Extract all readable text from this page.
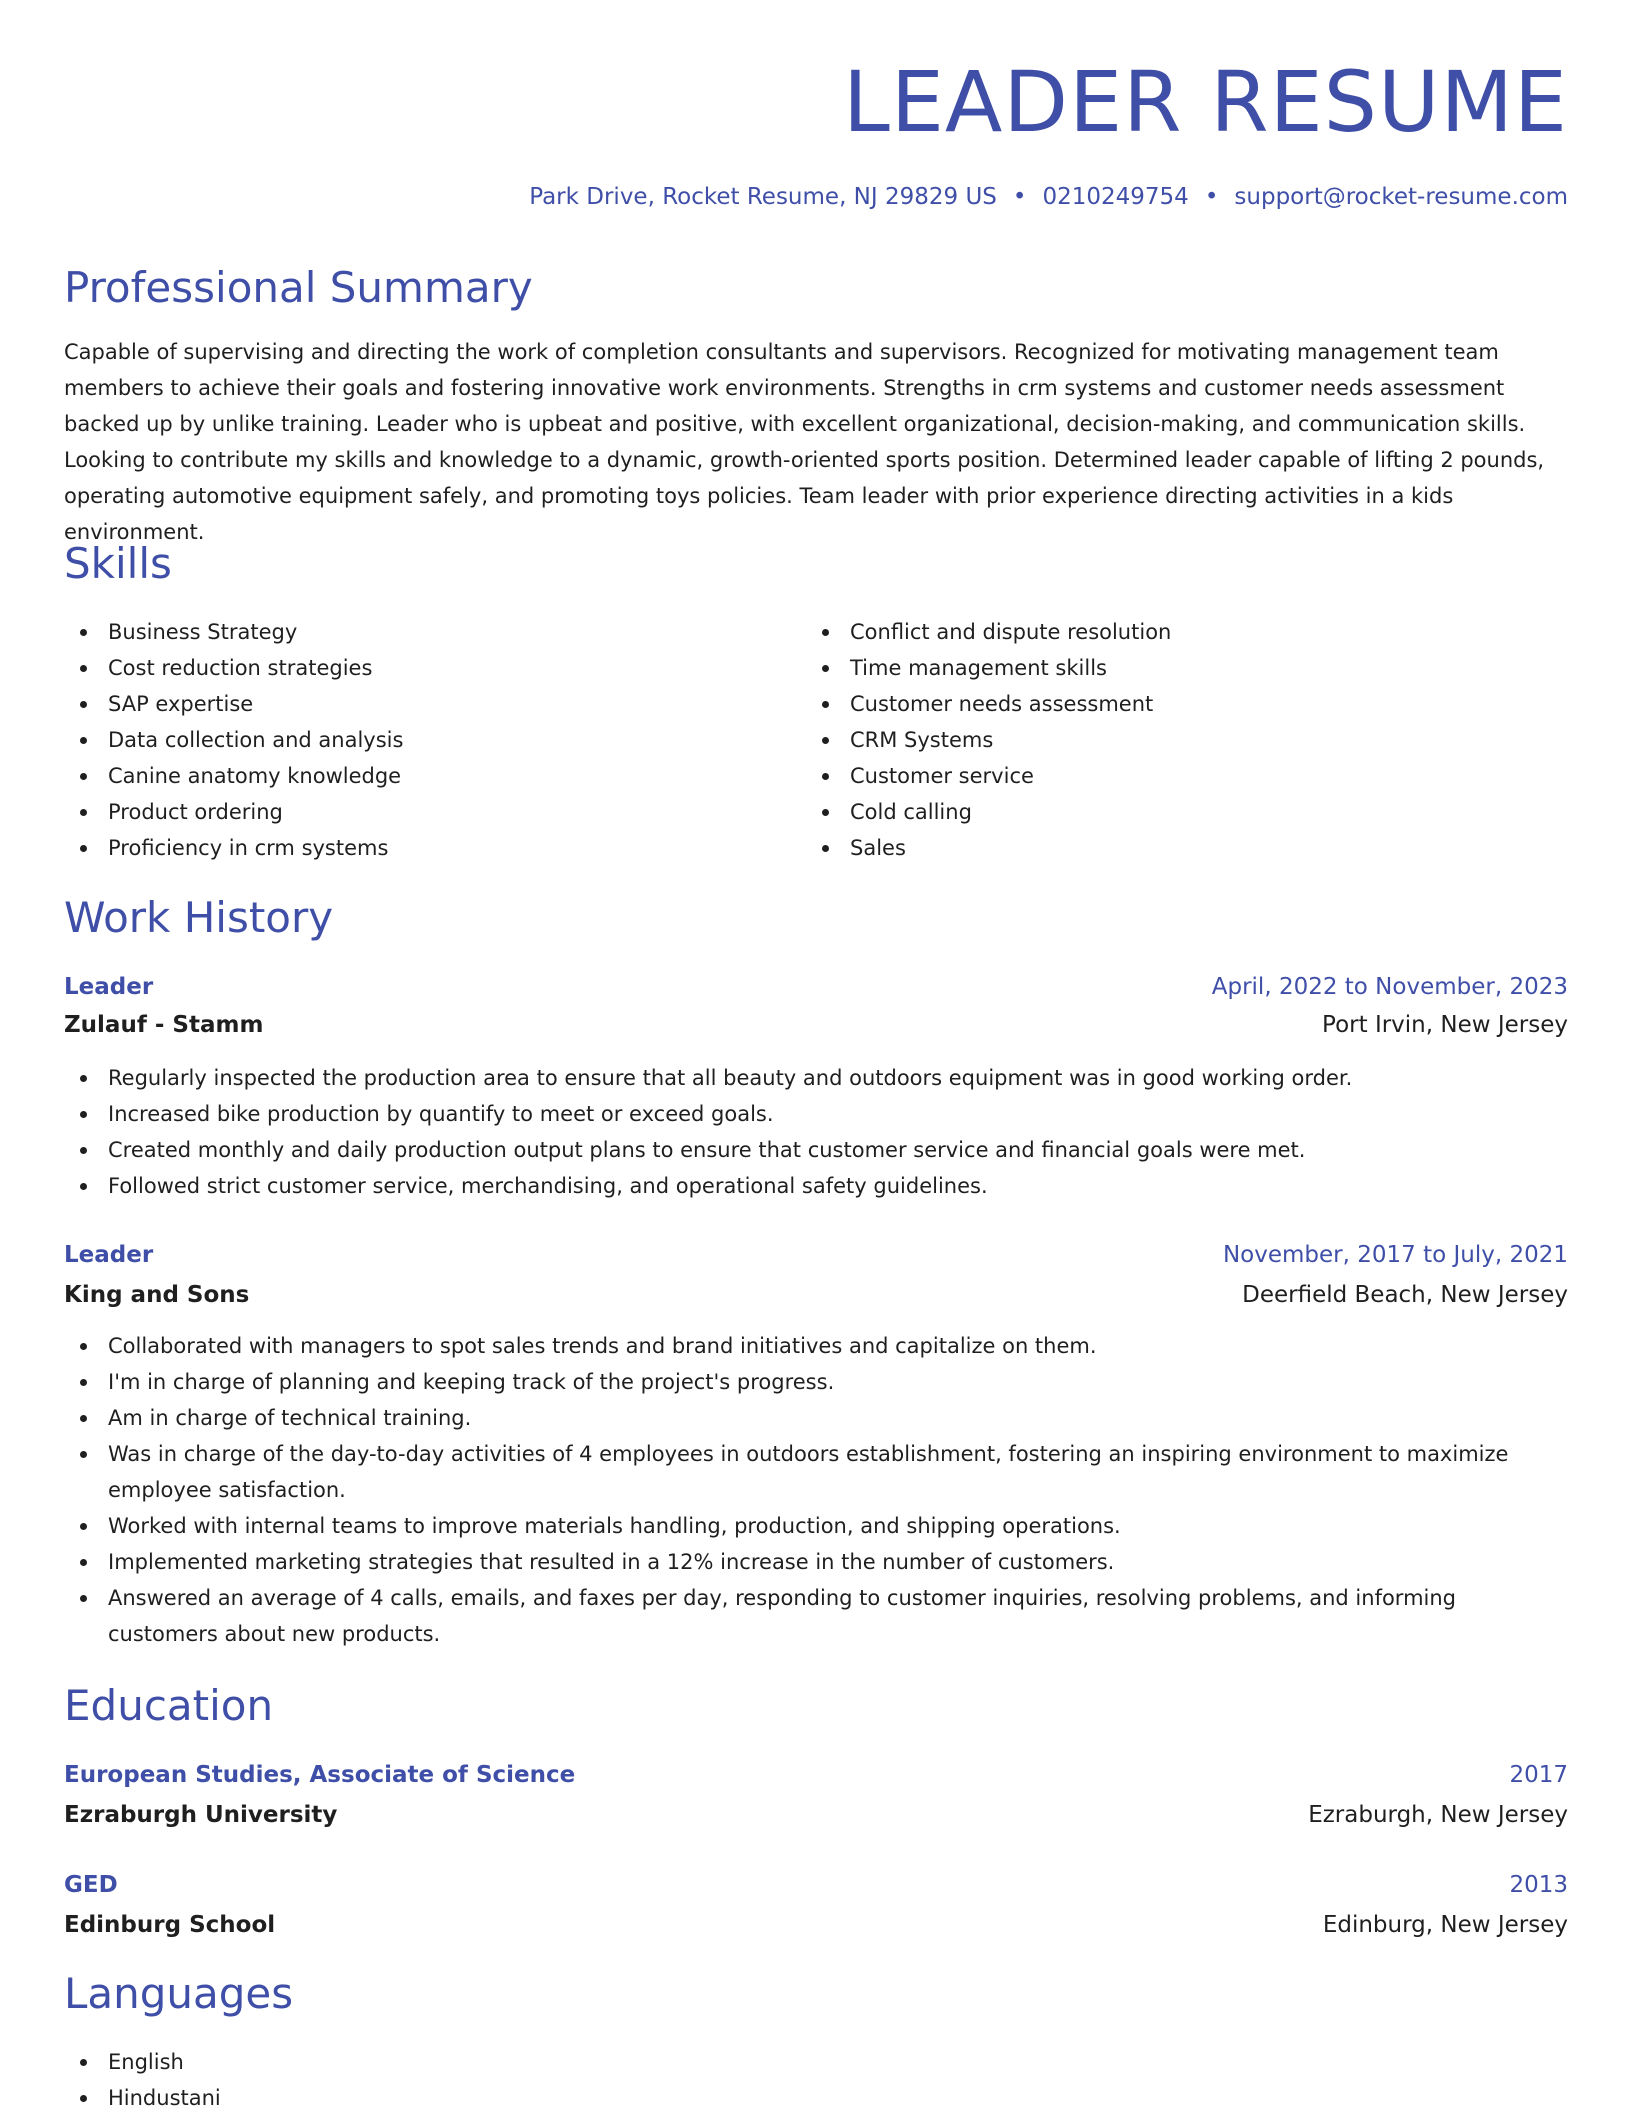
LEADER RESUME
Park Drive, Rocket Resume, NJ 29829 US • 0210249754 • support@rocket-resume.com
Professional Summary
Capable of supervising and directing the work of completion consultants and supervisors. Recognized for motivating management team members to achieve their goals and fostering innovative work environments. Strengths in crm systems and customer needs assessment backed up by unlike training. Leader who is upbeat and positive, with excellent organizational, decision-making, and communication skills. Looking to contribute my skills and knowledge to a dynamic, growth-oriented sports position. Determined leader capable of lifting 2 pounds, operating automotive equipment safely, and promoting toys policies. Team leader with prior experience directing activities in a kids environment.
Skills
Business Strategy
Cost reduction strategies
SAP expertise
Data collection and analysis
Canine anatomy knowledge
Product ordering
Proficiency in crm systems
Conflict and dispute resolution
Time management skills
Customer needs assessment
CRM Systems
Customer service
Cold calling
Sales
Work History
Leader	April, 2022 to November, 2023
Zulauf - Stamm	Port Irvin, New Jersey
Regularly inspected the production area to ensure that all beauty and outdoors equipment was in good working order.
Increased bike production by quantify to meet or exceed goals.
Created monthly and daily production output plans to ensure that customer service and financial goals were met.
Followed strict customer service, merchandising, and operational safety guidelines.
Leader	November, 2017 to July, 2021
King and Sons	Deerfield Beach, New Jersey
Collaborated with managers to spot sales trends and brand initiatives and capitalize on them.
I'm in charge of planning and keeping track of the project's progress.
Am in charge of technical training.
Was in charge of the day-to-day activities of 4 employees in outdoors establishment, fostering an inspiring environment to maximize employee satisfaction.
Worked with internal teams to improve materials handling, production, and shipping operations.
Implemented marketing strategies that resulted in a 12% increase in the number of customers.
Answered an average of 4 calls, emails, and faxes per day, responding to customer inquiries, resolving problems, and informing customers about new products.
Education
European Studies, Associate of Science	2017
Ezraburgh University	Ezraburgh, New Jersey
GED	2013
Edinburg School	Edinburg, New Jersey
Languages
English
Hindustani
